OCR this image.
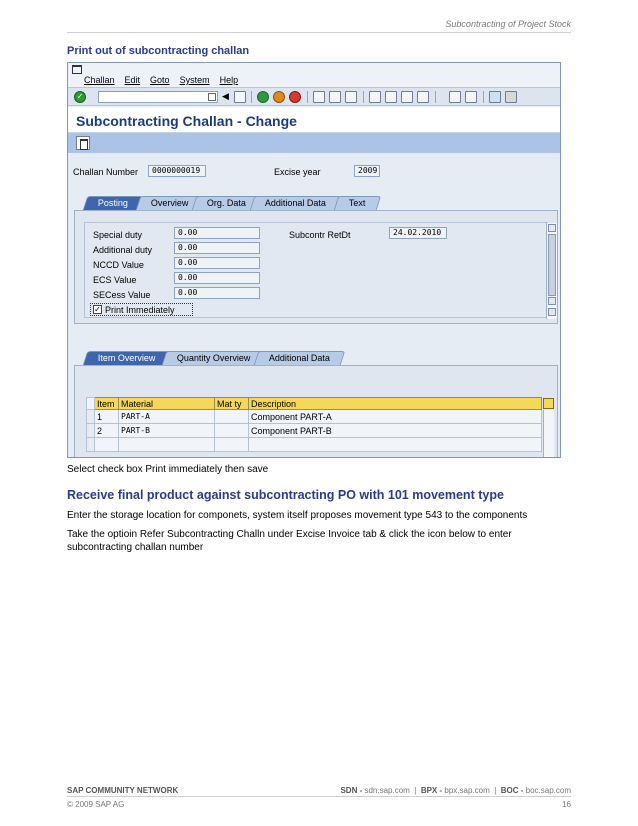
Subcontracting of Project Stock
Print out of subcontracting challan
Challan Edit Goto System Help
✓	◀
Subcontracting Challan - Change
Challan Number	0000000019	Excise year	2009
Posting	Overview	Org. Data	Additional Data	Text
Special duty	0.00
Additional duty	0.00
NCCD Value	0.00
ECS Value	0.00
SECess Value	0.00
Subcontr RetDt	24.02.2010
✓ Print Immediately
Item Overview	Quantity Overview	Additional Data
	Item	Material	Mat ty	Description
	1	PART-A		Component PART-A
	2	PART-B		Component PART-B

Select check box Print immediately then save
Receive final product against subcontracting PO with 101 movement type
Enter the storage location for componets, system itself proposes movement type 543 to the components
Take the optioin Refer Subcontracting Challn under Excise Invoice tab & click the icon below to enter subcontracting challan number
SAP COMMUNITY NETWORK	SDN - sdn.sap.com | BPX - bpx.sap.com | BOC - boc.sap.com
© 2009 SAP AG	16
